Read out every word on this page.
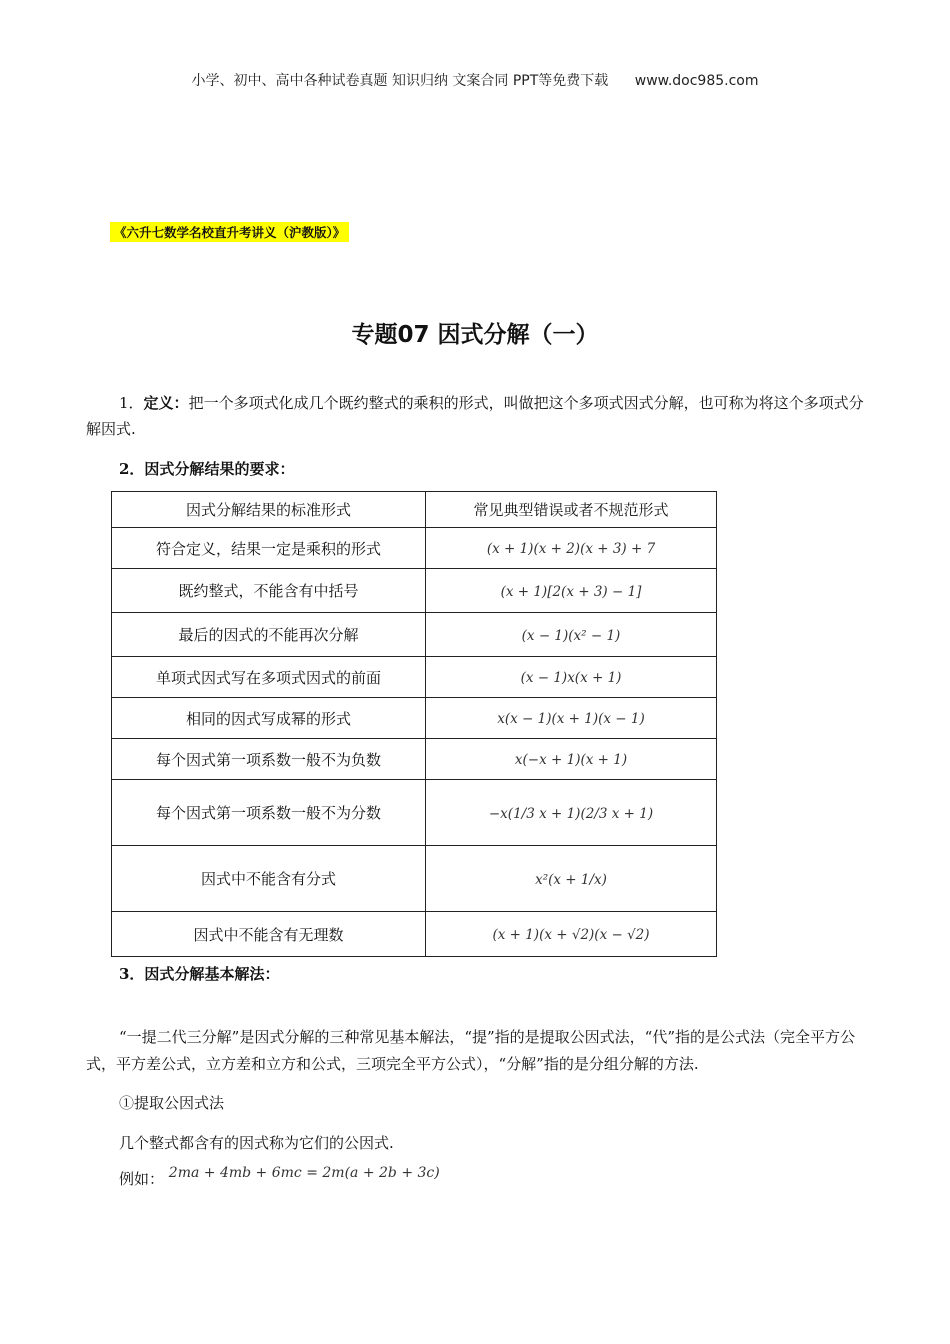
小学、初中、高中各种试卷真题 知识归纳 文案合同 PPT等免费下载 www.doc985.com
《六升七数学名校直升考讲义（沪教版）》
专题07 因式分解（一）
1．定义：把一个多项式化成几个既约整式的乘积的形式，叫做把这个多项式因式分解，也可称为将这个多项式分解因式.
2．因式分解结果的要求：
因式分解结果的标准形式	常见典型错误或者不规范形式
符合定义，结果一定是乘积的形式	(x + 1)(x + 2)(x + 3) + 7
既约整式，不能含有中括号	(x + 1)[2(x + 3) − 1]
最后的因式的不能再次分解	(x − 1)(x² − 1)
单项式因式写在多项式因式的前面	(x − 1)x(x + 1)
相同的因式写成幂的形式	x(x − 1)(x + 1)(x − 1)
每个因式第一项系数一般不为负数	x(−x + 1)(x + 1)
每个因式第一项系数一般不为分数	−x(1/3 x + 1)(2/3 x + 1)
因式中不能含有分式	x²(x + 1/x)
因式中不能含有无理数	(x + 1)(x + √2)(x − √2)
3．因式分解基本解法：
“一提二代三分解”是因式分解的三种常见基本解法，“提”指的是提取公因式法，“代”指的是公式法（完全平方公式，平方差公式，立方差和立方和公式，三项完全平方公式），“分解”指的是分组分解的方法.
①提取公因式法
几个整式都含有的因式称为它们的公因式.
例如： 2ma + 4mb + 6mc = 2m(a + 2b + 3c)
